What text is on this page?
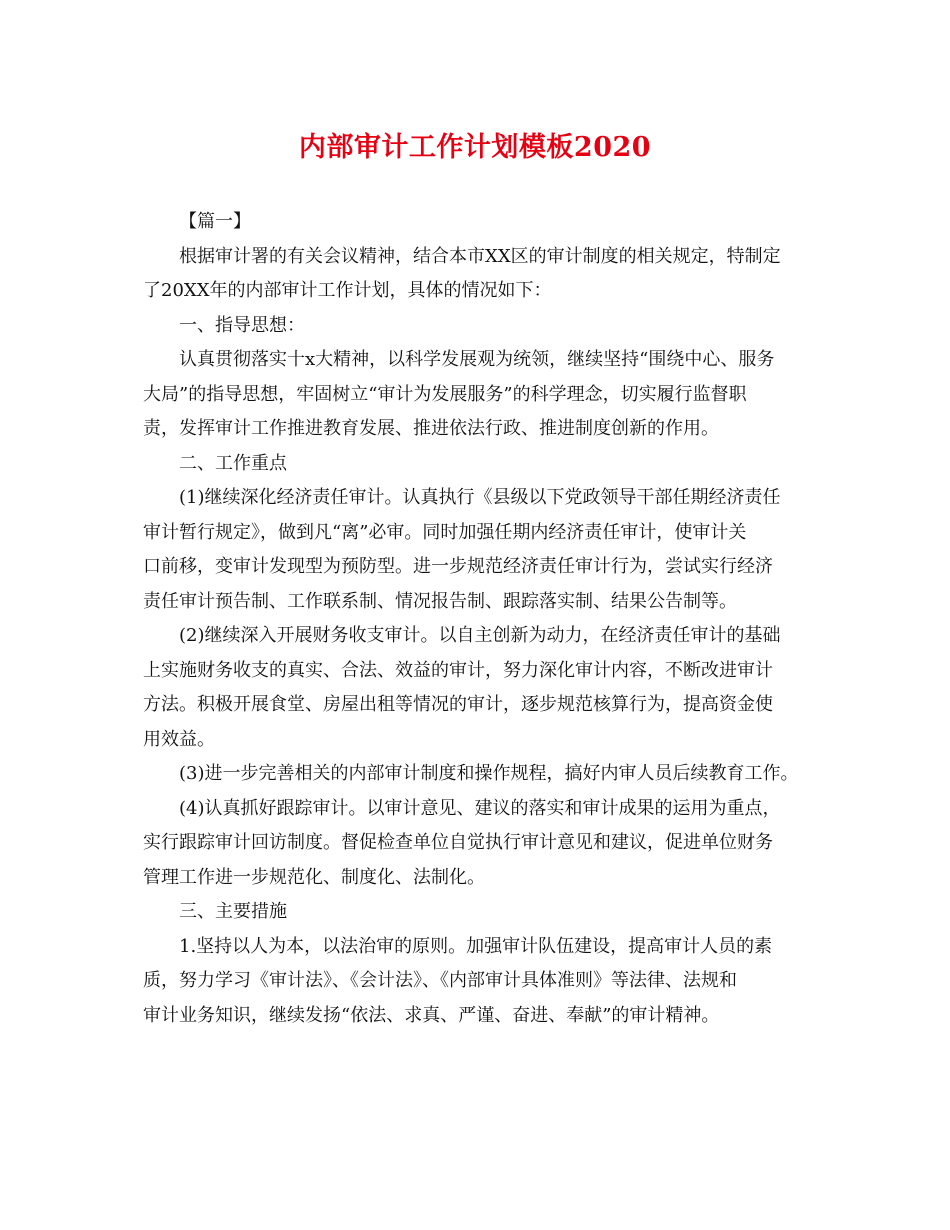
内部审计工作计划模板2020
【篇一】
根据审计署的有关会议精神，结合本市XX区的审计制度的相关规定，特制定
了20XX年的内部审计工作计划，具体的情况如下：
一、指导思想：
认真贯彻落实十x大精神，以科学发展观为统领，继续坚持“围绕中心、服务
大局”的指导思想，牢固树立“审计为发展服务”的科学理念，切实履行监督职
责，发挥审计工作推进教育发展、推进依法行政、推进制度创新的作用。
二、工作重点
(1)继续深化经济责任审计。认真执行《县级以下党政领导干部任期经济责任
审计暂行规定》，做到凡“离”必审。同时加强任期内经济责任审计，使审计关
口前移，变审计发现型为预防型。进一步规范经济责任审计行为，尝试实行经济
责任审计预告制、工作联系制、情况报告制、跟踪落实制、结果公告制等。
(2)继续深入开展财务收支审计。以自主创新为动力，在经济责任审计的基础
上实施财务收支的真实、合法、效益的审计，努力深化审计内容，不断改进审计
方法。积极开展食堂、房屋出租等情况的审计，逐步规范核算行为，提高资金使
用效益。
(3)进一步完善相关的内部审计制度和操作规程，搞好内审人员后续教育工作。
(4)认真抓好跟踪审计。以审计意见、建议的落实和审计成果的运用为重点，
实行跟踪审计回访制度。督促检查单位自觉执行审计意见和建议，促进单位财务
管理工作进一步规范化、制度化、法制化。
三、主要措施
1.坚持以人为本，以法治审的原则。加强审计队伍建设，提高审计人员的素
质，努力学习《审计法》、《会计法》、《内部审计具体准则》等法律、法规和
审计业务知识，继续发扬“依法、求真、严谨、奋进、奉献”的审计精神。
